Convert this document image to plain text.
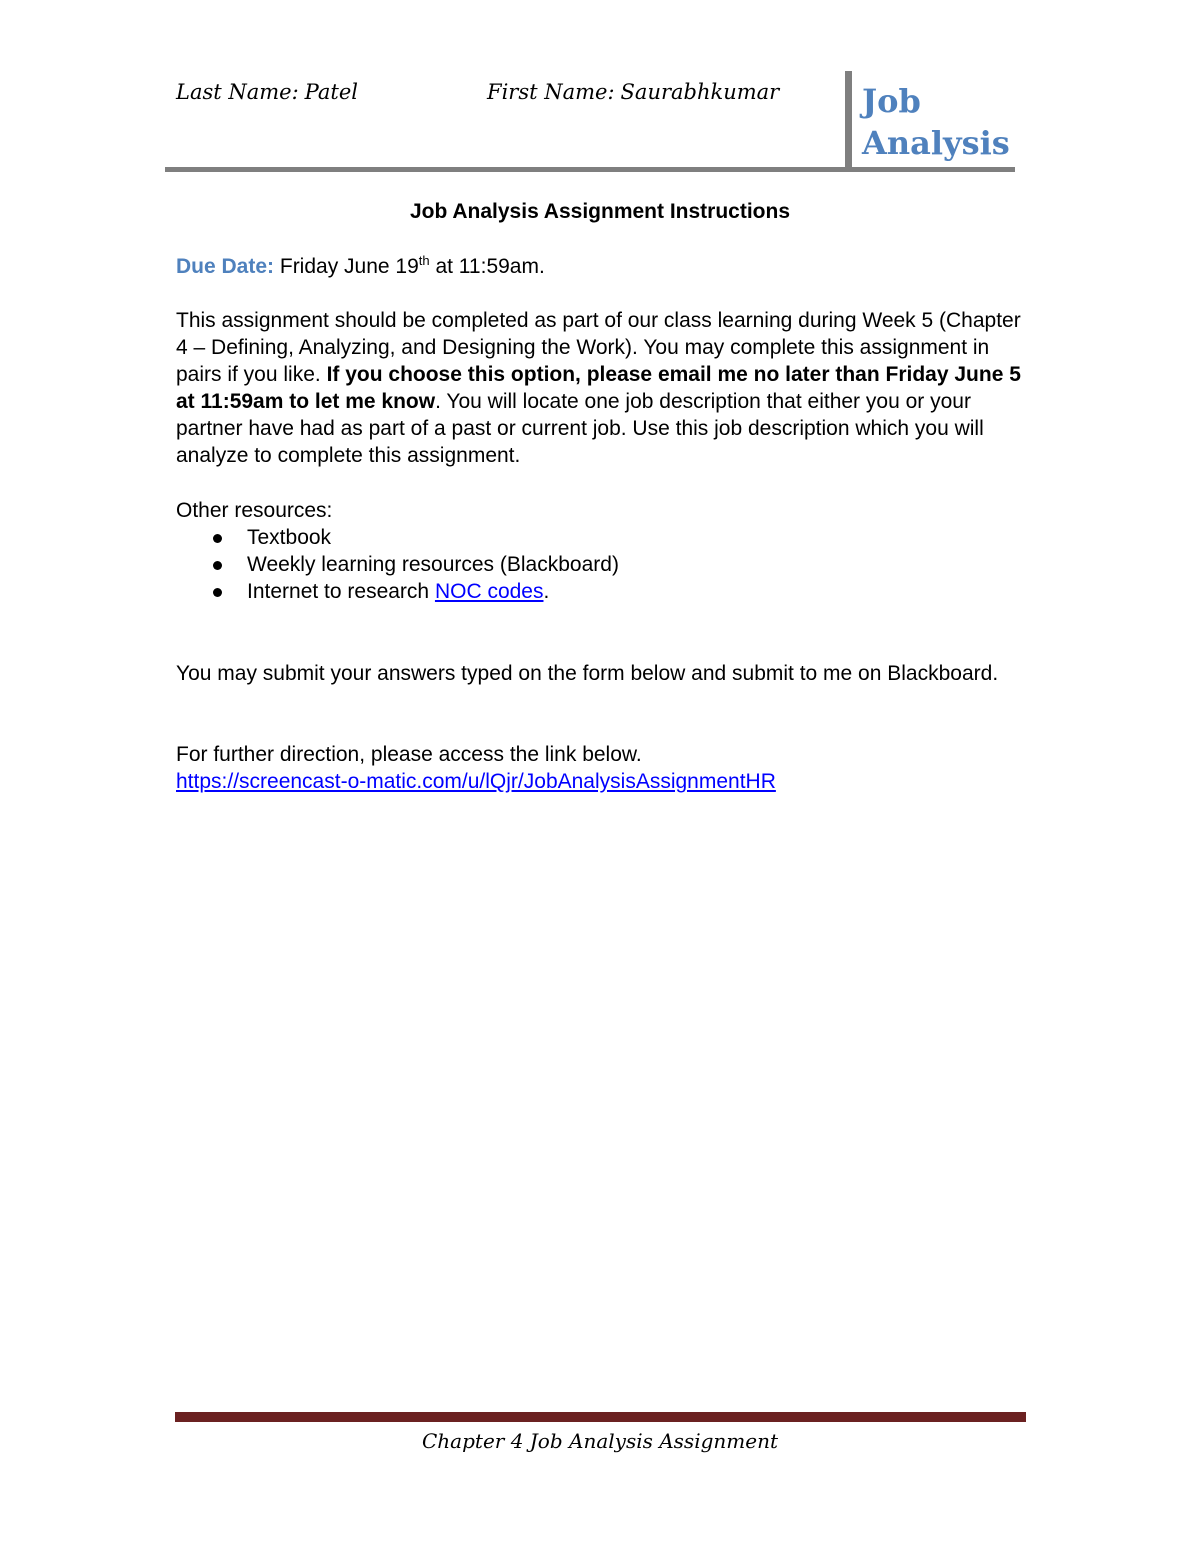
Last Name: Patel	First Name: Saurabhkumar	Job
Analysis
Job Analysis Assignment Instructions
Due Date: Friday June 19th at 11:59am.
This assignment should be completed as part of our class learning during Week 5 (Chapter 4 – Defining, Analyzing, and Designing the Work). You may complete this assignment in pairs if you like. If you choose this option, please email me no later than Friday June 5 at 11:59am to let me know. You will locate one job description that either you or your partner have had as part of a past or current job. Use this job description which you will analyze to complete this assignment.
Other resources:
Textbook
Weekly learning resources (Blackboard)
Internet to research NOC codes.
You may submit your answers typed on the form below and submit to me on Blackboard.
For further direction, please access the link below.
https://screencast-o-matic.com/u/lQjr/JobAnalysisAssignmentHR
Chapter 4 Job Analysis Assignment
